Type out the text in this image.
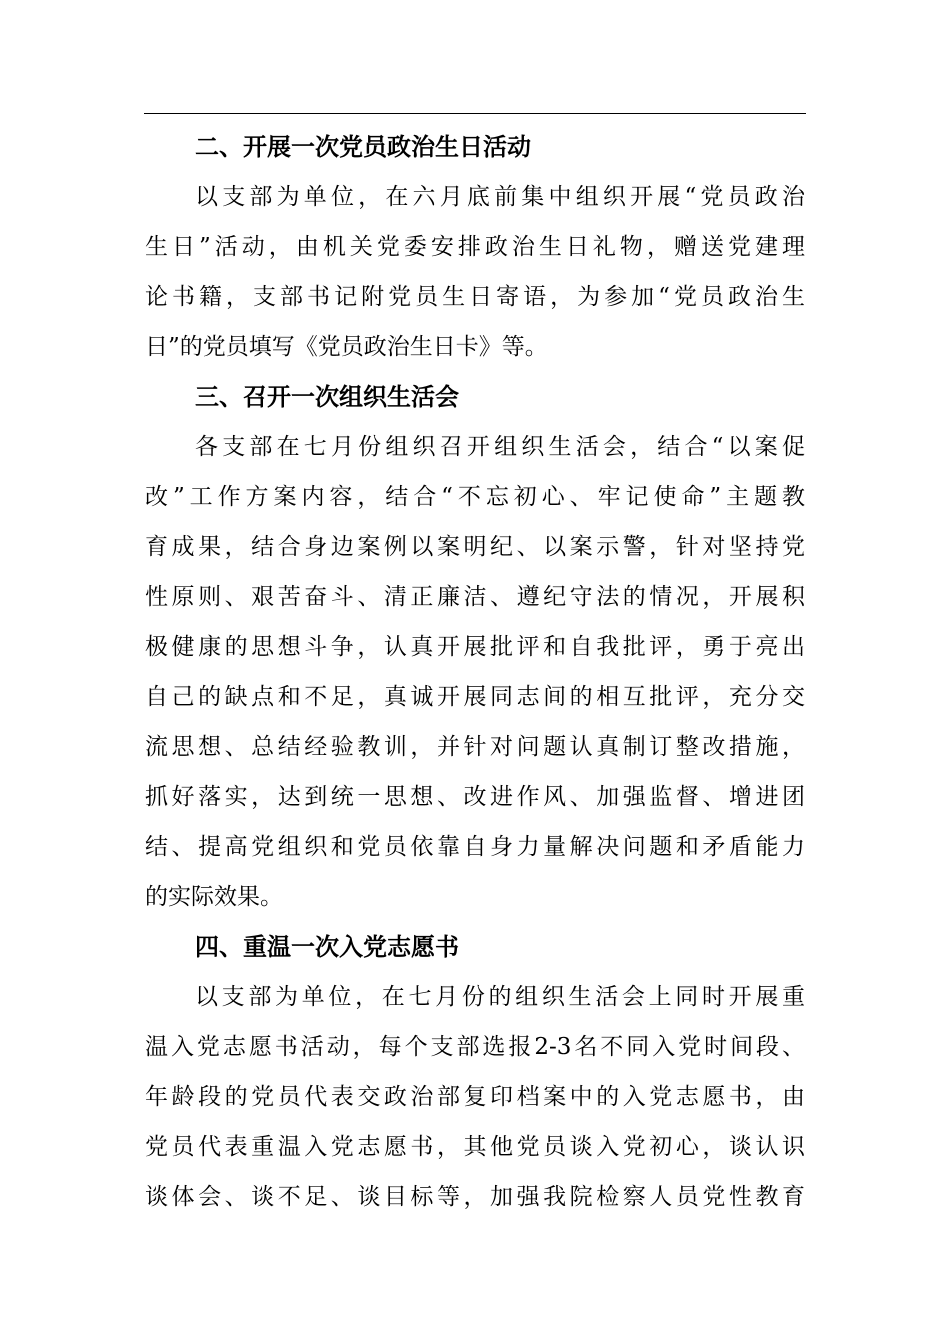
二、开展一次党员政治生日活动
以支部为单位，在六月底前集中组织开展“党员政治
生日”活动，由机关党委安排政治生日礼物，赠送党建理
论书籍，支部书记附党员生日寄语，为参加“党员政治生
日”的党员填写《党员政治生日卡》等。
三、召开一次组织生活会
各支部在七月份组织召开组织生活会，结合“以案促
改”工作方案内容，结合“不忘初心、牢记使命”主题教
育成果，结合身边案例以案明纪、以案示警，针对坚持党
性原则、艰苦奋斗、清正廉洁、遵纪守法的情况，开展积
极健康的思想斗争，认真开展批评和自我批评，勇于亮出
自己的缺点和不足，真诚开展同志间的相互批评，充分交
流思想、总结经验教训，并针对问题认真制订整改措施，
抓好落实，达到统一思想、改进作风、加强监督、增进团
结、提高党组织和党员依靠自身力量解决问题和矛盾能力
的实际效果。
四、重温一次入党志愿书
以支部为单位，在七月份的组织生活会上同时开展重
温入党志愿书活动，每个支部选报2-3名不同入党时间段、
年龄段的党员代表交政治部复印档案中的入党志愿书，由
党员代表重温入党志愿书，其他党员谈入党初心，谈认识
谈体会、谈不足、谈目标等，加强我院检察人员党性教育
